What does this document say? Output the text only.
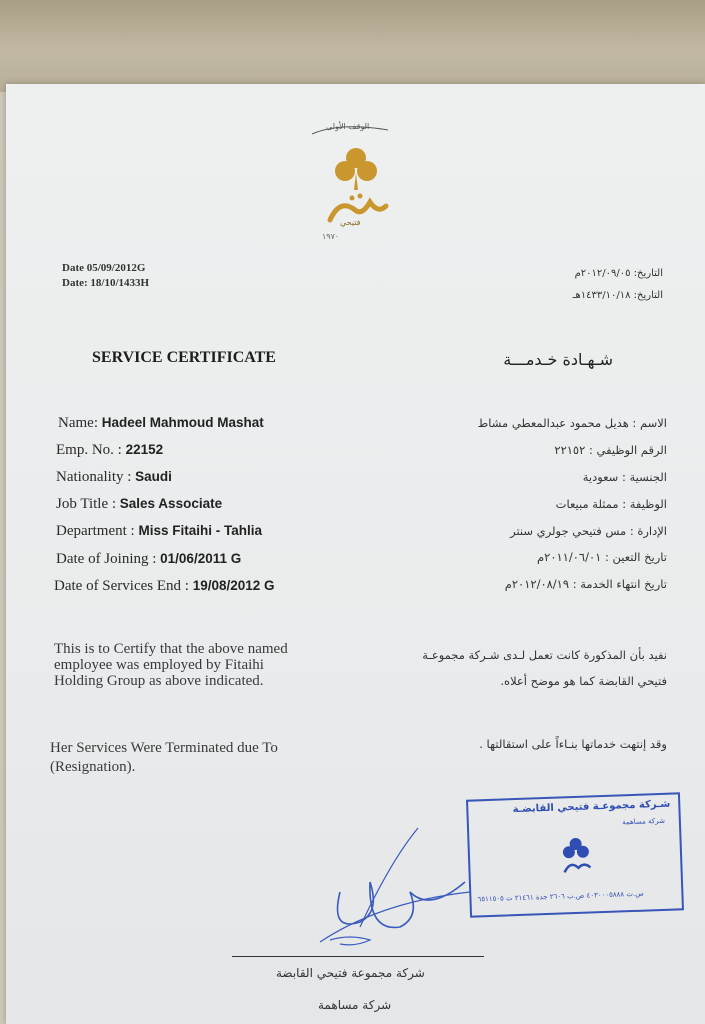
الوقف الأولى
فتيحي
١٩٧٠
Date 05/09/2012G
Date: 18/10/1433H
التاريخ: ٢٠١٢/٠٩/٠٥م
التاريخ: ١٤٣٣/١٠/١٨هـ
SERVICE CERTIFICATE	شـهـادة خـدمـــة
Name: Hadeel Mahmoud Mashat
Emp. No. : 22152
Nationality : Saudi
Job Title : Sales Associate
Department : Miss Fitaihi - Tahlia
Date of Joining : 01/06/2011 G
Date of Services End : 19/08/2012 G
الاسم : هديل محمود عبدالمعطي مشاط
الرقم الوظيفي : ٢٢١٥٢
الجنسية : سعودية
الوظيفة : ممثلة مبيعات
الإدارة : مس فتيحي جولري سنتر
تاريخ التعين : ٢٠١١/٠٦/٠١م
تاريخ انتهاء الخدمة : ٢٠١٢/٠٨/١٩م
This is to Certify that the above named
employee was employed by Fitaihi
Holding Group as above indicated.
نفيد بأن المذكورة كانت تعمل لـدى شـركة مجموعـة
فتيحي القابضة كما هو موضح أعلاه.
Her Services Were Terminated due To
(Resignation).
وقد إنتهت خدماتها بنـاءاً على استقالتها .
شـركة مجموعـة فتيحي القابضـة
شركة مساهمة
س.ت ٤٠٣٠٠٠٥٨٨٨ ص.ب ٢٦٠٦ جدة ٢١٤٦١ ت ٦٥١١٥٠٥
شركة مجموعة فتيحي القابضة
شركة مساهمة
